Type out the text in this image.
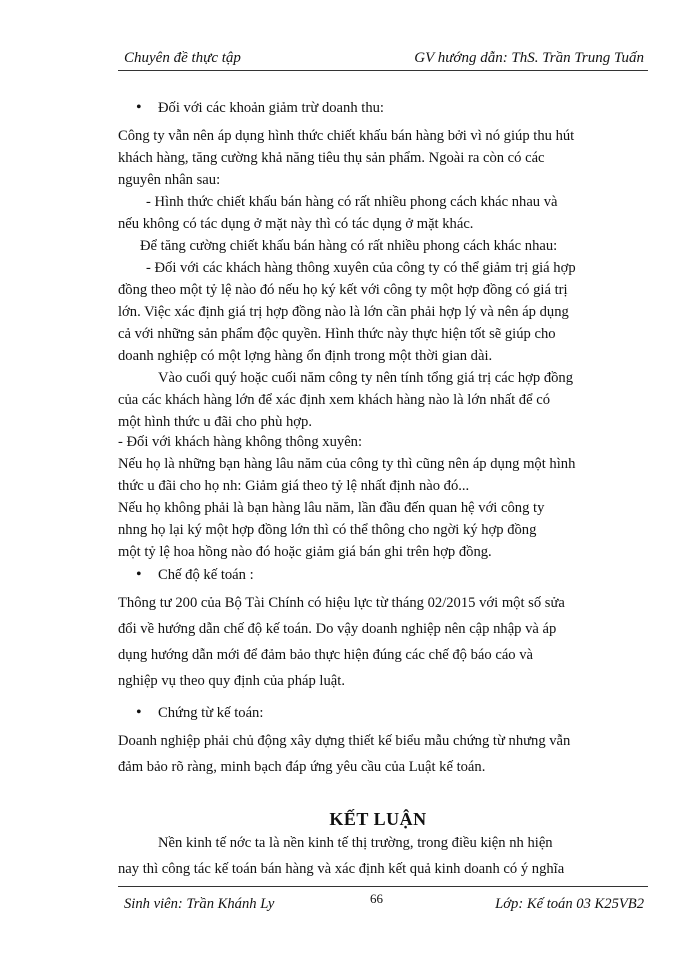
Chuyên đề thực tập	GV hướng dẫn: ThS. Trần Trung Tuấn
• Đối với các khoản giảm trừ doanh thu:
Công ty vẫn nên áp dụng hình thức chiết khấu bán hàng bởi vì nó giúp thu hút
khách hàng, tăng cường khả năng tiêu thụ sản phẩm. Ngoài ra còn có các
nguyên nhân sau:
- Hình thức chiết khấu bán hàng có rất nhiều phong cách khác nhau và
nếu không có tác dụng ở mặt này thì có tác dụng ở mặt khác.
Để tăng cường chiết khấu bán hàng có rất nhiều phong cách khác nhau:
- Đối với các khách hàng thông xuyên của công ty có thể giảm trị giá hợp
đồng theo một tỷ lệ nào đó nếu họ ký kết với công ty một hợp đồng có giá trị
lớn. Việc xác định giá trị hợp đồng nào là lớn cần phải hợp lý và nên áp dụng
cả với những sản phẩm độc quyền. Hình thức này thực hiện tốt sẽ giúp cho
doanh nghiệp có một lợng hàng ổn định trong một thời gian dài.
Vào cuối quý hoặc cuối năm công ty nên tính tổng giá trị các hợp đồng
của các khách hàng lớn để xác định xem khách hàng nào là lớn nhất để có
một hình thức u đãi cho phù hợp.
- Đối với khách hàng không thông xuyên:
Nếu họ là những bạn hàng lâu năm của công ty thì cũng nên áp dụng một hình
thức u đãi cho họ nh: Giảm giá theo tỷ lệ nhất định nào đó...
Nếu họ không phải là bạn hàng lâu năm, lần đầu đến quan hệ với công ty
nhng họ lại ký một hợp đồng lớn thì có thể thông cho ngời ký hợp đồng
một tỷ lệ hoa hồng nào đó hoặc giảm giá bán ghi trên hợp đồng.
• Chế độ kế toán :
Thông tư 200 của Bộ Tài Chính có hiệu lực từ tháng 02/2015 với một số sửa
đổi về hướng dẫn chế độ kế toán. Do vậy doanh nghiệp nên cập nhập và áp
dụng hướng dẫn mới để đảm bảo thực hiện đúng các chế độ báo cáo và
nghiệp vụ theo quy định của pháp luật.
• Chứng từ kế toán:
Doanh nghiệp phải chủ động xây dựng thiết kế biểu mẫu chứng từ nhưng vẫn
đảm bảo rõ ràng, minh bạch đáp ứng yêu cầu của Luật kế toán.
KẾT LUẬN
Nền kinh tế nớc ta là nền kinh tế thị trường, trong điều kiện nh hiện
nay thì công tác kế toán bán hàng và xác định kết quả kinh doanh có ý nghĩa
Sinh viên: Trần Khánh Ly	66	Lớp: Kế toán 03 K25VB2
